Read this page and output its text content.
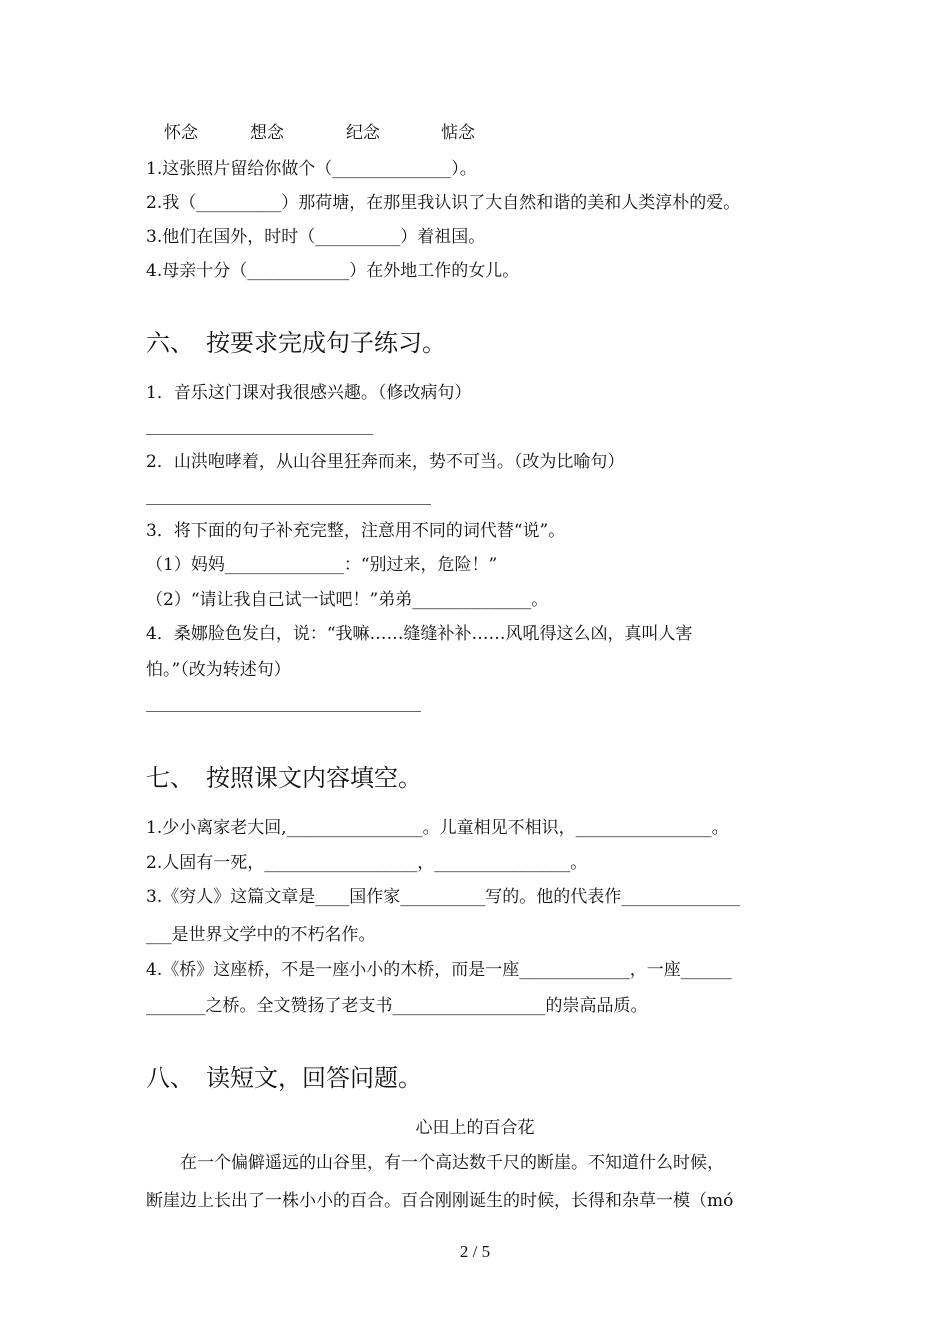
怀念	想念	纪念	惦念
1.这张照片留给你做个（______________）。
2.我（__________）那荷塘，在那里我认识了大自然和谐的美和人类淳朴的爱。
3.他们在国外，时时（__________）着祖国。
4.母亲十分（____________）在外地工作的女儿。
六、　按要求完成句子练习。
1．音乐这门课对我很感兴趣。（修改病句）
2．山洪咆哮着，从山谷里狂奔而来，势不可当。（改为比喻句）
3．将下面的句子补充完整，注意用不同的词代替“说”。
（1）妈妈______________：“别过来，危险！”
（2）“请让我自己试一试吧！”弟弟______________。
4．桑娜脸色发白，说：“我嘛……缝缝补补……风吼得这么凶，真叫人害
怕。”（改为转述句）
七、　按照课文内容填空。
1.少小离家老大回,________________。儿童相见不相识，________________。
2.人固有一死，__________________，________________。
3.《穷人》这篇文章是____国作家__________写的。他的代表作______________
___是世界文学中的不朽名作。
4.《桥》这座桥，不是一座小小的木桥，而是一座_____________，一座______
_______之桥。全文赞扬了老支书__________________的崇高品质。
八、　读短文，回答问题。
心田上的百合花
　　在一个偏僻遥远的山谷里，有一个高达数千尺的断崖。不知道什么时候，
断崖边上长出了一株小小的百合。百合刚刚诞生的时候，长得和杂草一模（mó
2 / 5
